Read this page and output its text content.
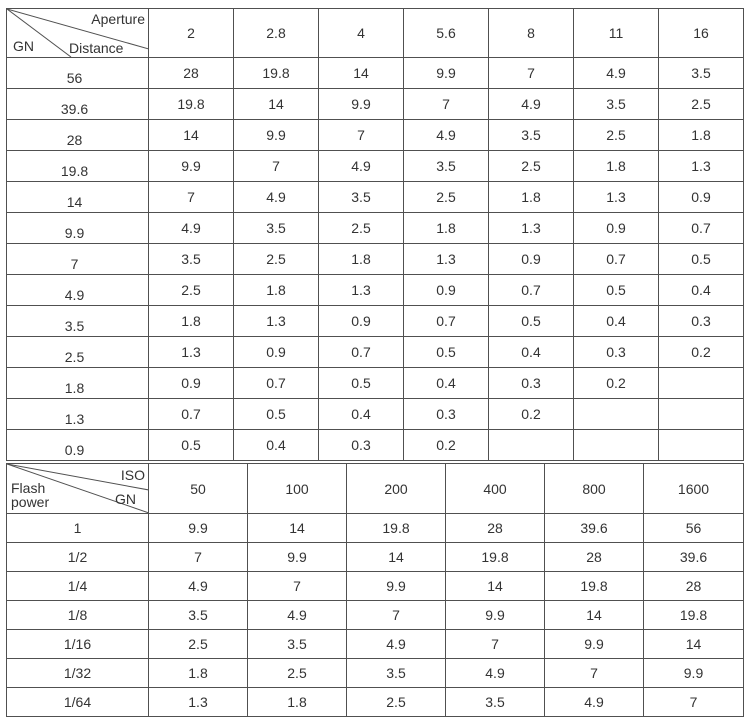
Aperture
GN Distance	2	2.8	4	5.6	8	11	16
56	28	19.8	14	9.9	7	4.9	3.5
39.6	19.8	14	9.9	7	4.9	3.5	2.5
28	14	9.9	7	4.9	3.5	2.5	1.8
19.8	9.9	7	4.9	3.5	2.5	1.8	1.3
14	7	4.9	3.5	2.5	1.8	1.3	0.9
9.9	4.9	3.5	2.5	1.8	1.3	0.9	0.7
7	3.5	2.5	1.8	1.3	0.9	0.7	0.5
4.9	2.5	1.8	1.3	0.9	0.7	0.5	0.4
3.5	1.8	1.3	0.9	0.7	0.5	0.4	0.3
2.5	1.3	0.9	0.7	0.5	0.4	0.3	0.2
1.8	0.9	0.7	0.5	0.4	0.3	0.2	
1.3	0.7	0.5	0.4	0.3	0.2		
0.9	0.5	0.4	0.3	0.2			
ISO
Flash
power GN	50	100	200	400	800	1600
1	9.9	14	19.8	28	39.6	56
1/2	7	9.9	14	19.8	28	39.6
1/4	4.9	7	9.9	14	19.8	28
1/8	3.5	4.9	7	9.9	14	19.8
1/16	2.5	3.5	4.9	7	9.9	14
1/32	1.8	2.5	3.5	4.9	7	9.9
1/64	1.3	1.8	2.5	3.5	4.9	7
